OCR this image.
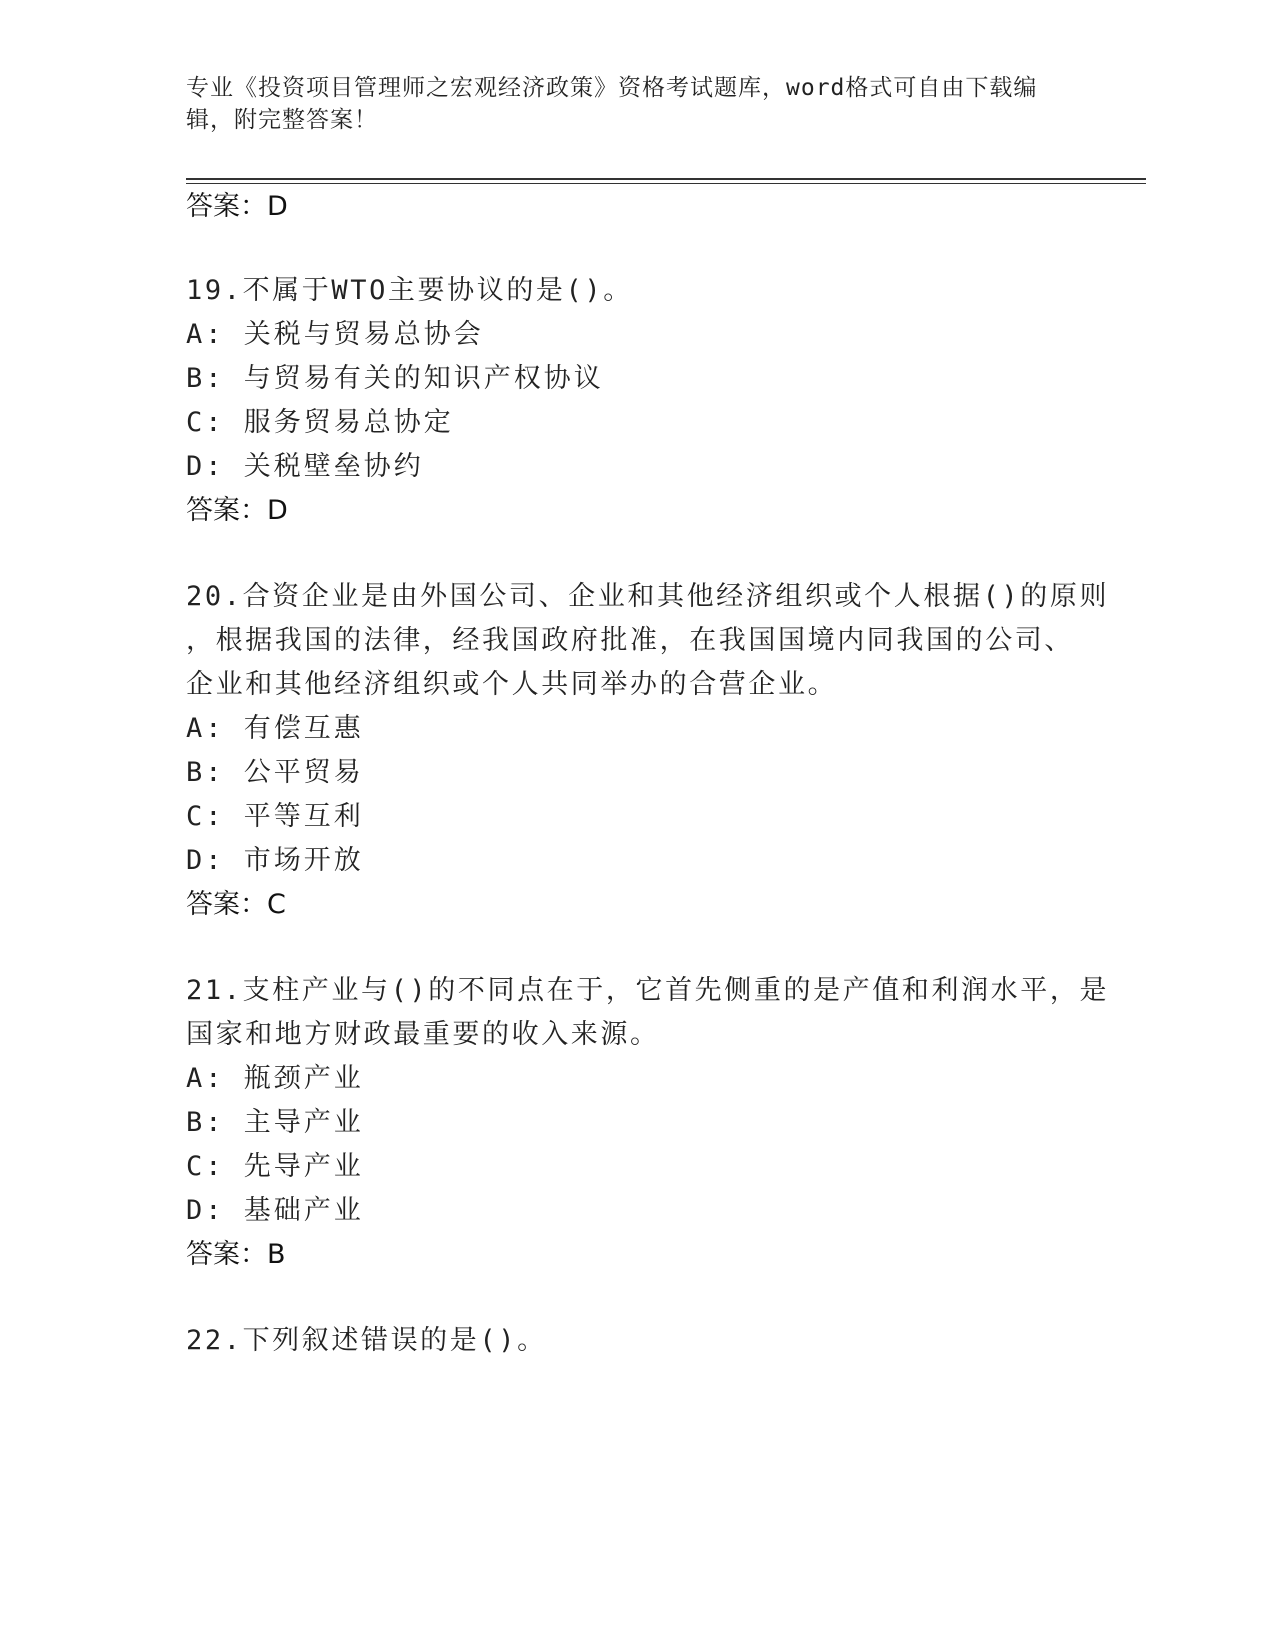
专业《投资项目管理师之宏观经济政策》资格考试题库，word格式可自由下载编
辑，附完整答案！
答案：D
19.不属于WTO主要协议的是()。
A: 关税与贸易总协会
B: 与贸易有关的知识产权协议
C: 服务贸易总协定
D: 关税壁垒协约
答案：D
20.合资企业是由外国公司、企业和其他经济组织或个人根据()的原则
，根据我国的法律，经我国政府批准，在我国国境内同我国的公司、
企业和其他经济组织或个人共同举办的合营企业。
A: 有偿互惠
B: 公平贸易
C: 平等互利
D: 市场开放
答案：C
21.支柱产业与()的不同点在于，它首先侧重的是产值和利润水平，是
国家和地方财政最重要的收入来源。
A: 瓶颈产业
B: 主导产业
C: 先导产业
D: 基础产业
答案：B
22.下列叙述错误的是()。
